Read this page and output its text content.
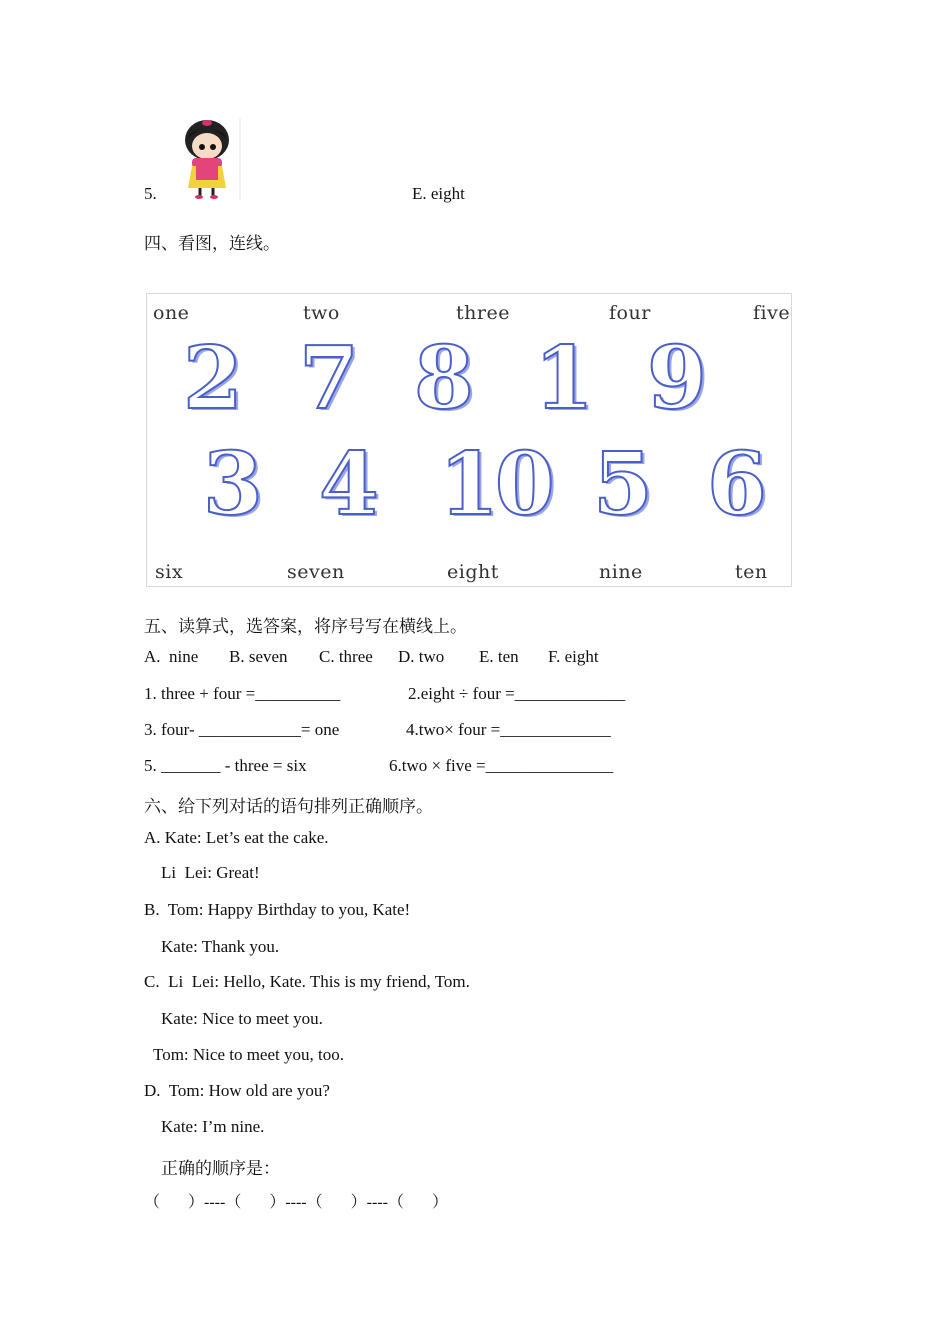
5.	E. eight
四、看图，连线。
one	two	three	four	five
2 7 8 1 9
3 4 10 5 6
six	seven	eight	nine	ten
五、读算式，选答案，将序号写在横线上。
A.  nine B. seven C. three D. two E. ten F. eight
1. three + four =__________	2.eight ÷ four =_____________
3. four- ____________= one	4.two× four =_____________
5. _______ - three = six	6.two × five =_______________
六、给下列对话的语句排列正确顺序。
A. Kate: Let’s eat the cake.
Li  Lei: Great!
B.  Tom: Happy Birthday to you, Kate!
Kate: Thank you.
C.  Li  Lei: Hello, Kate. This is my friend, Tom.
Kate: Nice to meet you.
Tom: Nice to meet you, too.
D.  Tom: How old are you?
Kate: I’m nine.
正确的顺序是：
（       ）----（       ）----（       ）----（       ）
